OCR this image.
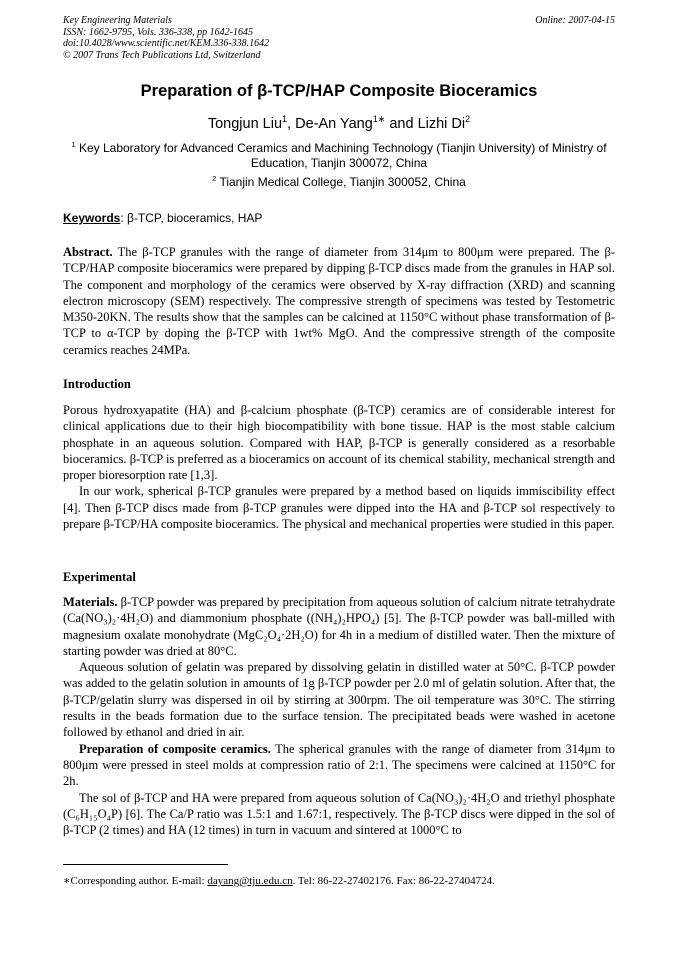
Key Engineering Materials
ISSN: 1662-9795, Vols. 336-338, pp 1642-1645
doi:10.4028/www.scientific.net/KEM.336-338.1642
© 2007 Trans Tech Publications Ltd, Switzerland
Online: 2007-04-15
Preparation of β-TCP/HAP Composite Bioceramics
Tongjun Liu$^1$, De-An Yang$^{1∗}$ and Lizhi Di$^2$
$^1$ Key Laboratory for Advanced Ceramics and Machining Technology (Tianjin University) of Ministry of Education, Tianjin 300072, China
$^2$ Tianjin Medical College, Tianjin 300052, China
Keywords: β-TCP, bioceramics, HAP

Abstract. The β-TCP granules with the range of diameter from 314μm to 800μm were prepared. The β-TCP/HAP composite bioceramics were prepared by dipping β-TCP discs made from the granules in HAP sol. The component and morphology of the ceramics were observed by X-ray diffraction (XRD) and scanning electron microscopy (SEM) respectively. The compressive strength of specimens was tested by Testometric M350-20KN. The results show that the samples can be calcined at 1150°C without phase transformation of β-TCP to α-TCP by doping the β-TCP with 1wt% MgO. And the compressive strength of the composite ceramics reaches 24MPa.

Introduction

Porous hydroxyapatite (HA) and β-calcium phosphate (β-TCP) ceramics are of considerable interest for clinical applications due to their high biocompatibility with bone tissue. HAP is the most stable calcium phosphate in an aqueous solution. Compared with HAP, β-TCP is generally considered as a resorbable bioceramics. β-TCP is preferred as a bioceramics on account of its chemical stability, mechanical strength and proper bioresorption rate [1,3].

In our work, spherical β-TCP granules were prepared by a method based on liquids immiscibility effect [4]. Then β-TCP discs made from β-TCP granules were dipped into the HA and β-TCP sol respectively to prepare β-TCP/HA composite bioceramics. The physical and mechanical properties were studied in this paper.

Experimental

Materials. β-TCP powder was prepared by precipitation from aqueous solution of calcium nitrate tetrahydrate (Ca(NO₃)₂·4H₂O) and diammonium phosphate ((NH₄)₂HPO₄) [5]. The β-TCP powder was ball-milled with magnesium oxalate monohydrate (MgC₂O₄·2H₂O) for 4h in a medium of distilled water. Then the mixture of starting powder was dried at 80°C.

Aqueous solution of gelatin was prepared by dissolving gelatin in distilled water at 50°C. β-TCP powder was added to the gelatin solution in amounts of 1g β-TCP powder per 2.0 ml of gelatin solution. After that, the β-TCP/gelatin slurry was dispersed in oil by stirring at 300rpm. The oil temperature was 30°C. The stirring results in the beads formation due to the surface tension. The precipitated beads were washed in acetone followed by ethanol and dried in air.

Preparation of composite ceramics. The spherical granules with the range of diameter from 314μm to 800μm were pressed in steel molds at compression ratio of 2:1. The specimens were calcined at 1150°C for 2h.

The sol of β-TCP and HA were prepared from aqueous solution of Ca(NO₃)₂·4H₂O and triethyl phosphate (C₆H₁₅O₄P) [6]. The Ca/P ratio was 1.5:1 and 1.67:1, respectively. The β-TCP discs were dipped in the sol of β-TCP (2 times) and HA (12 times) in turn in vacuum and sintered at 1000°C to

∗Corresponding author. E-mail: dayang@tju.edu.cn. Tel: 86-22-27402176. Fax: 86-22-27404724.
